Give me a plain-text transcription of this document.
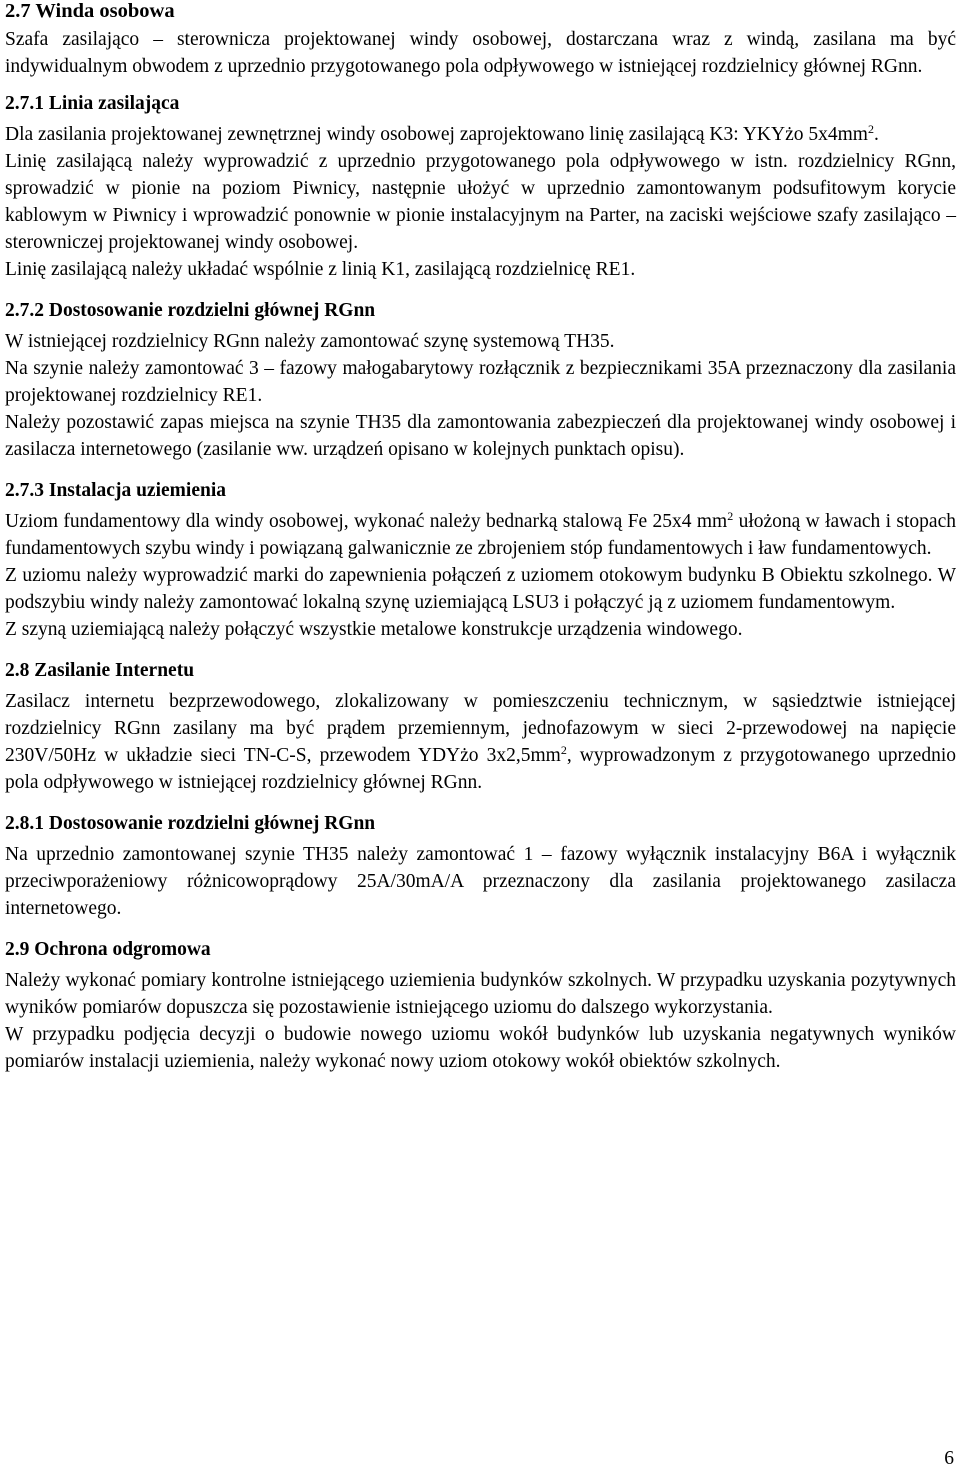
2.7 Winda osobowa

Szafa zasilająco – sterownicza projektowanej windy osobowej, dostarczana wraz z windą, zasilana ma być indywidualnym obwodem z uprzednio przygotowanego pola odpływowego w istniejącej rozdzielnicy głównej RGnn.

2.7.1 Linia zasilająca

Dla zasilania projektowanej zewnętrznej windy osobowej zaprojektowano linię zasilającą K3: YKYżo $5x4mm^2$.

Linię zasilającą należy wyprowadzić z uprzednio przygotowanego pola odpływowego w istn. rozdzielnicy RGnn, sprowadzić w pionie na poziom Piwnicy, następnie ułożyć w uprzednio zamontowanym podsufitowym korycie kablowym w Piwnicy i wprowadzić ponownie w pionie instalacyjnym na Parter, na zaciski wejściowe szafy zasilająco – sterowniczej projektowanej windy osobowej.

Linię zasilającą należy układać wspólnie z linią K1, zasilającą rozdzielnicę RE1.

2.7.2 Dostosowanie rozdzielni głównej RGnn

W istniejącej rozdzielnicy RGnn należy zamontować szynę systemową TH35.

Na szynie należy zamontować 3 – fazowy małogabarytowy rozłącznik z bezpiecznikami 35A przeznaczony dla zasilania projektowanej rozdzielnicy RE1.

Należy pozostawić zapas miejsca na szynie TH35 dla zamontowania zabezpieczeń dla projektowanej windy osobowej i zasilacza internetowego (zasilanie ww. urządzeń opisano w kolejnych punktach opisu).

2.7.3 Instalacja uziemienia

Uziom fundamentowy dla windy osobowej, wykonać należy bednarką stalową Fe 25x4 $mm^2$ ułożoną w ławach i stopach fundamentowych szybu windy i powiązaną galwanicznie ze zbrojeniem stóp fundamentowych i ław fundamentowych.

Z uziomu należy wyprowadzić marki do zapewnienia połączeń z uziomem otokowym budynku B Obiektu szkolnego. W podszybiu windy należy zamontować lokalną szynę uziemiającą LSU3 i połączyć ją z uziomem fundamentowym.

Z szyną uziemiającą należy połączyć wszystkie metalowe konstrukcje urządzenia windowego.

2.8 Zasilanie Internetu

Zasilacz internetu bezprzewodowego, zlokalizowany w pomieszczeniu technicznym, w sąsiedztwie istniejącej rozdzielnicy RGnn zasilany ma być prądem przemiennym, jednofazowym w sieci 2-przewodowej na napięcie 230V/50Hz w układzie sieci TN-C-S, przewodem YDYżo $3x2,5mm^2$, wyprowadzonym z przygotowanego uprzednio pola odpływowego w istniejącej rozdzielnicy głównej RGnn.

2.8.1 Dostosowanie rozdzielni głównej RGnn

Na uprzednio zamontowanej szynie TH35 należy zamontować 1 – fazowy wyłącznik instalacyjny B6A i wyłącznik przeciwporażeniowy różnicowoprądowy 25A/30mA/A przeznaczony dla zasilania projektowanego zasilacza internetowego.

2.9 Ochrona odgromowa

Należy wykonać pomiary kontrolne istniejącego uziemienia budynków szkolnych. W przypadku uzyskania pozytywnych wyników pomiarów dopuszcza się pozostawienie istniejącego uziomu do dalszego wykorzystania.

W przypadku podjęcia decyzji o budowie nowego uziomu wokół budynków lub uzyskania negatywnych wyników pomiarów instalacji uziemienia, należy wykonać nowy uziom otokowy wokół obiektów szkolnych.

6
